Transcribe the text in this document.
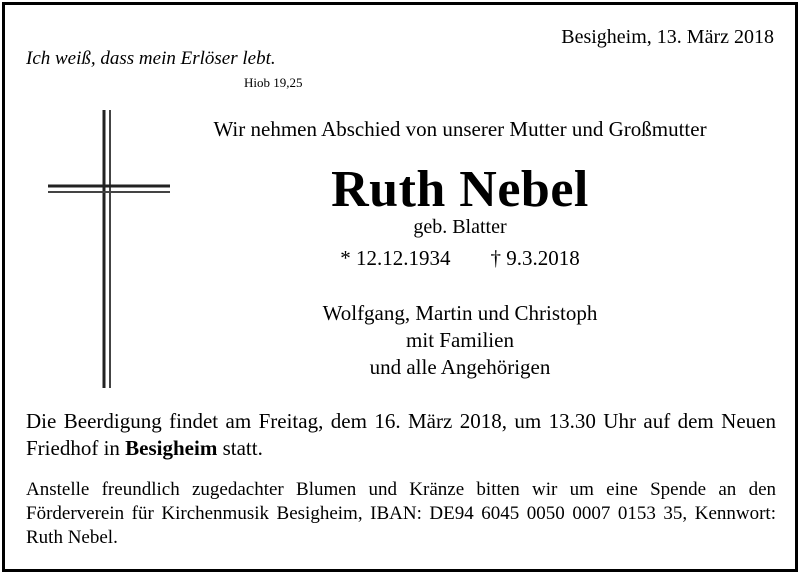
Besigheim, 13. März 2018
Ich weiß, dass mein Erlöser lebt.
Hiob 19,25
Wir nehmen Abschied von unserer Mutter und Großmutter
Ruth Nebel
geb. Blatter
* 12.12.1934 † 9.3.2018
Wolfgang, Martin und Christoph
mit Familien
und alle Angehörigen
Die Beerdigung findet am Freitag, dem 16. März 2018, um 13.30 Uhr auf dem Neuen Friedhof in Besigheim statt.
Anstelle freundlich zugedachter Blumen und Kränze bitten wir um eine Spende an den Förderverein für Kirchenmusik Besigheim, IBAN: DE94 6045 0050 0007 0153 35, Kennwort: Ruth Nebel.
